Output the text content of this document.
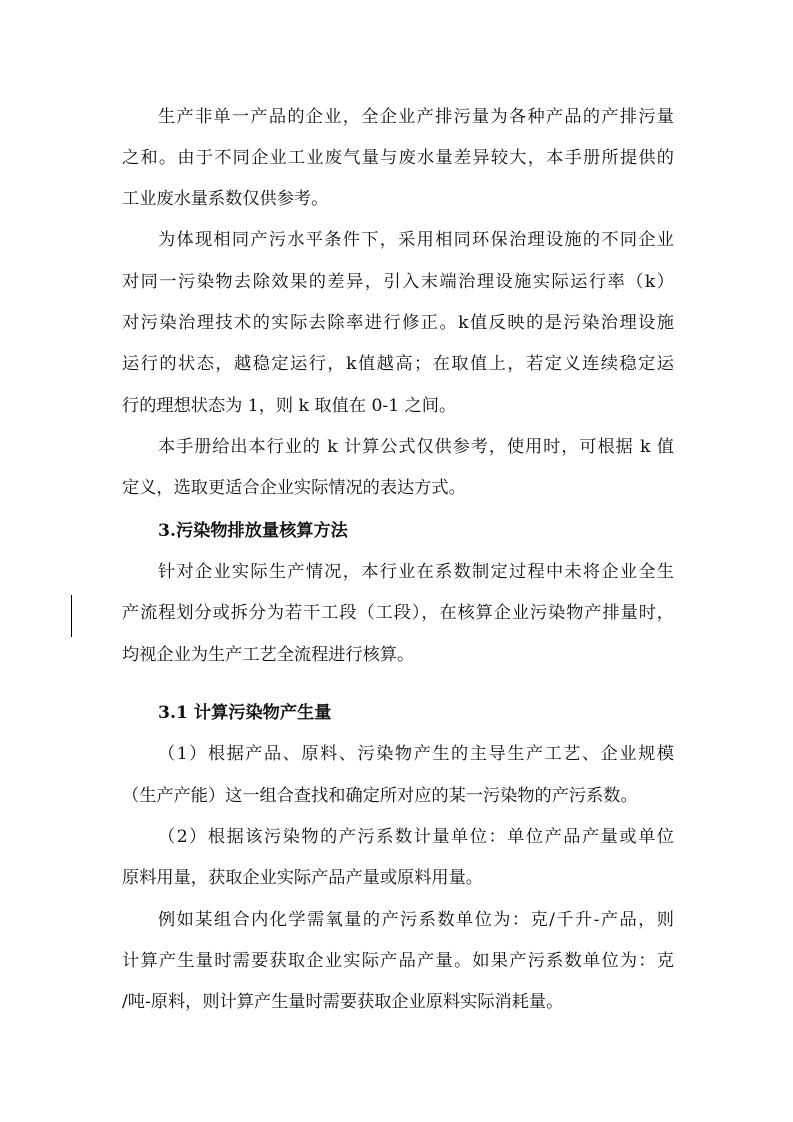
生产非单一产品的企业，全企业产排污量为各种产品的产排污量
之和。由于不同企业工业废气量与废水量差异较大，本手册所提供的
工业废水量系数仅供参考。
为体现相同产污水平条件下，采用相同环保治理设施的不同企业
对同一污染物去除效果的差异，引入末端治理设施实际运行率（k）
对污染治理技术的实际去除率进行修正。k值反映的是污染治理设施
运行的状态，越稳定运行，k值越高；在取值上，若定义连续稳定运
行的理想状态为 1，则 k 取值在 0-1 之间。
本手册给出本行业的 k 计算公式仅供参考，使用时，可根据 k 值
定义，选取更适合企业实际情况的表达方式。
3.污染物排放量核算方法
针对企业实际生产情况，本行业在系数制定过程中未将企业全生
产流程划分或拆分为若干工段（工段），在核算企业污染物产排量时，
均视企业为生产工艺全流程进行核算。
3.1 计算污染物产生量
（1）根据产品、原料、污染物产生的主导生产工艺、企业规模
（生产产能）这一组合查找和确定所对应的某一污染物的产污系数。
（2）根据该污染物的产污系数计量单位：单位产品产量或单位
原料用量，获取企业实际产品产量或原料用量。
例如某组合内化学需氧量的产污系数单位为：克/千升-产品，则
计算产生量时需要获取企业实际产品产量。如果产污系数单位为：克
/吨-原料，则计算产生量时需要获取企业原料实际消耗量。
